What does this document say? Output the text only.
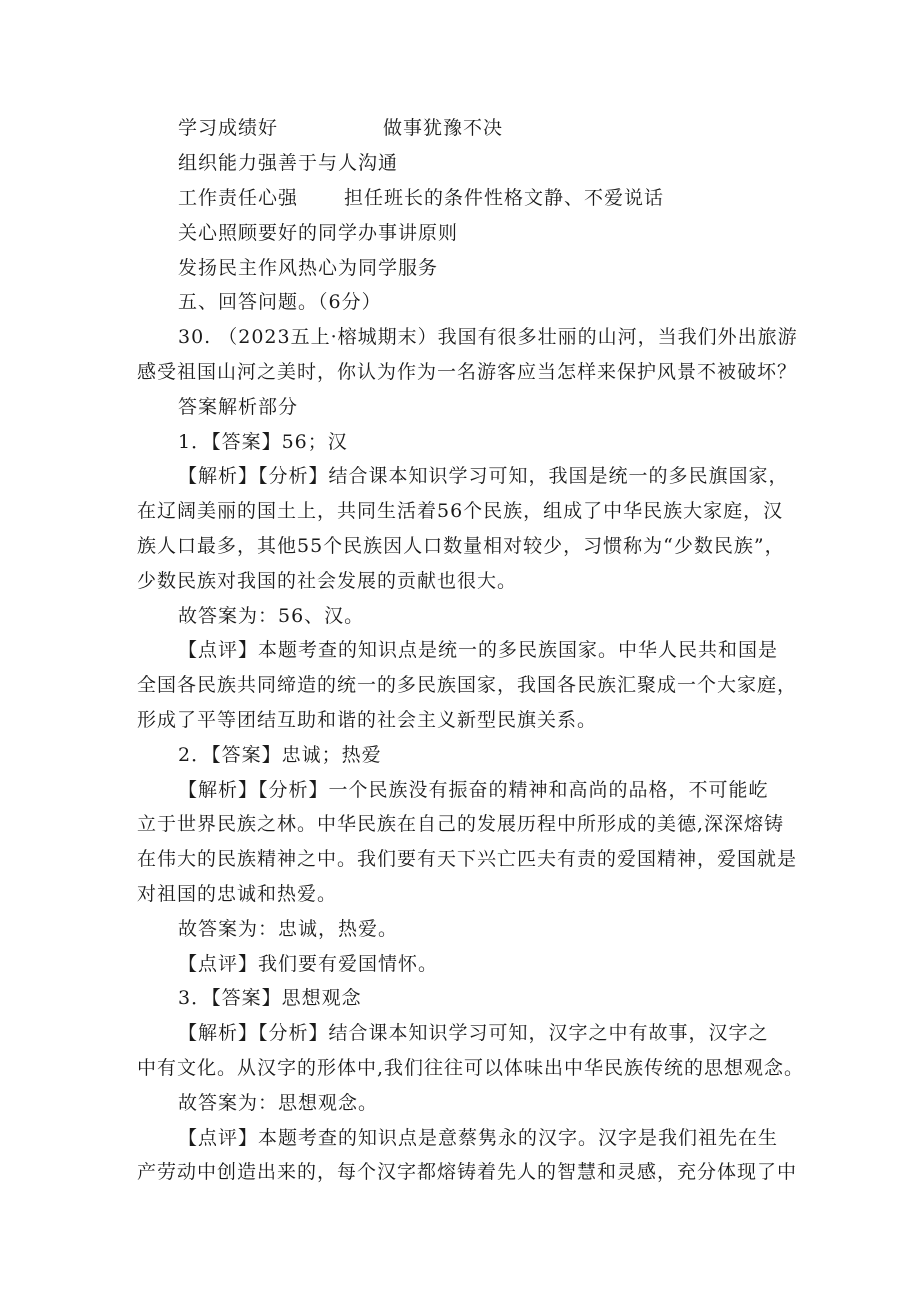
学习成绩好	做事犹豫不决
组织能力强善于与人沟通
工作责任心强 担任班长的条件性格文静、不爱说话
关心照顾要好的同学办事讲原则
发扬民主作风热心为同学服务
五、回答问题。（6分）
30. （2023五上·榕城期末）我国有很多壮丽的山河，当我们外出旅游
感受祖国山河之美时，你认为作为一名游客应当怎样来保护风景不被破坏？
答案解析部分
1．【答案】56；汉
【解析】【分析】结合课本知识学习可知，我国是统一的多民旗国家，
在辽阔美丽的国土上，共同生活着56个民族，组成了中华民族大家庭，汉
族人口最多，其他55个民族因人口数量相对较少，习惯称为“少数民族”，
少数民族对我国的社会发展的贡献也很大。
故答案为：56、汉。
【点评】本题考查的知识点是统一的多民族国家。中华人民共和国是
全国各民族共同缔造的统一的多民族国家，我国各民族汇聚成一个大家庭，
形成了平等团结互助和谐的社会主义新型民旗关系。
2．【答案】忠诚；热爱
【解析】【分析】一个民族没有振奋的精神和高尚的品格，不可能屹
立于世界民族之林。中华民族在自己的发展历程中所形成的美德,深深熔铸
在伟大的民族精神之中。我们要有天下兴亡匹夫有责的爱国精神，爱国就是
对祖国的忠诚和热爱。
故答案为：忠诚，热爱。
【点评】我们要有爱国情怀。
3．【答案】思想观念
【解析】【分析】结合课本知识学习可知，汉字之中有故事，汉字之
中有文化。从汉字的形体中,我们往往可以体味出中华民族传统的思想观念。
故答案为：思想观念。
【点评】本题考查的知识点是意蔡隽永的汉字。汉字是我们祖先在生
产劳动中创造出来的，每个汉字都熔铸着先人的智慧和灵感，充分体现了中
